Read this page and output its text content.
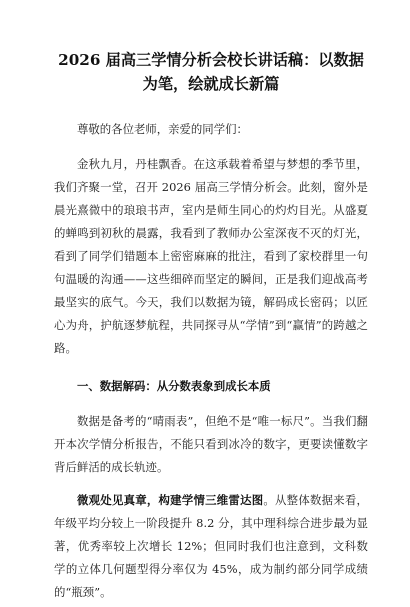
2026 届高三学情分析会校长讲话稿：以数据为笔，绘就成长新篇

尊敬的各位老师，亲爱的同学们：

金秋九月，丹桂飘香。在这承载着希望与梦想的季节里，我们齐聚一堂，召开 2026 届高三学情分析会。此刻，窗外是晨光熹微中的琅琅书声，室内是师生同心的灼灼目光。从盛夏的蝉鸣到初秋的晨露，我看到了教师办公室深夜不灭的灯光，看到了同学们错题本上密密麻麻的批注，看到了家校群里一句句温暖的沟通——这些细碎而坚定的瞬间，正是我们迎战高考最坚实的底气。今天，我们以数据为镜，解码成长密码；以匠心为舟，护航逐梦航程，共同探寻从“学情”到“赢情”的跨越之路。

一、数据解码：从分数表象到成长本质

数据是备考的“晴雨表”，但绝不是“唯一标尺”。当我们翻开本次学情分析报告，不能只看到冰冷的数字，更要读懂数字背后鲜活的成长轨迹。

微观处见真章，构建学情三维雷达图。从整体数据来看，年级平均分较上一阶段提升 8.2 分，其中理科综合进步最为显著，优秀率较上次增长 12%；但同时我们也注意到，文科数学的立体几何题型得分率仅为 45%，成为制约部分同学成绩的“瓶颈”。
